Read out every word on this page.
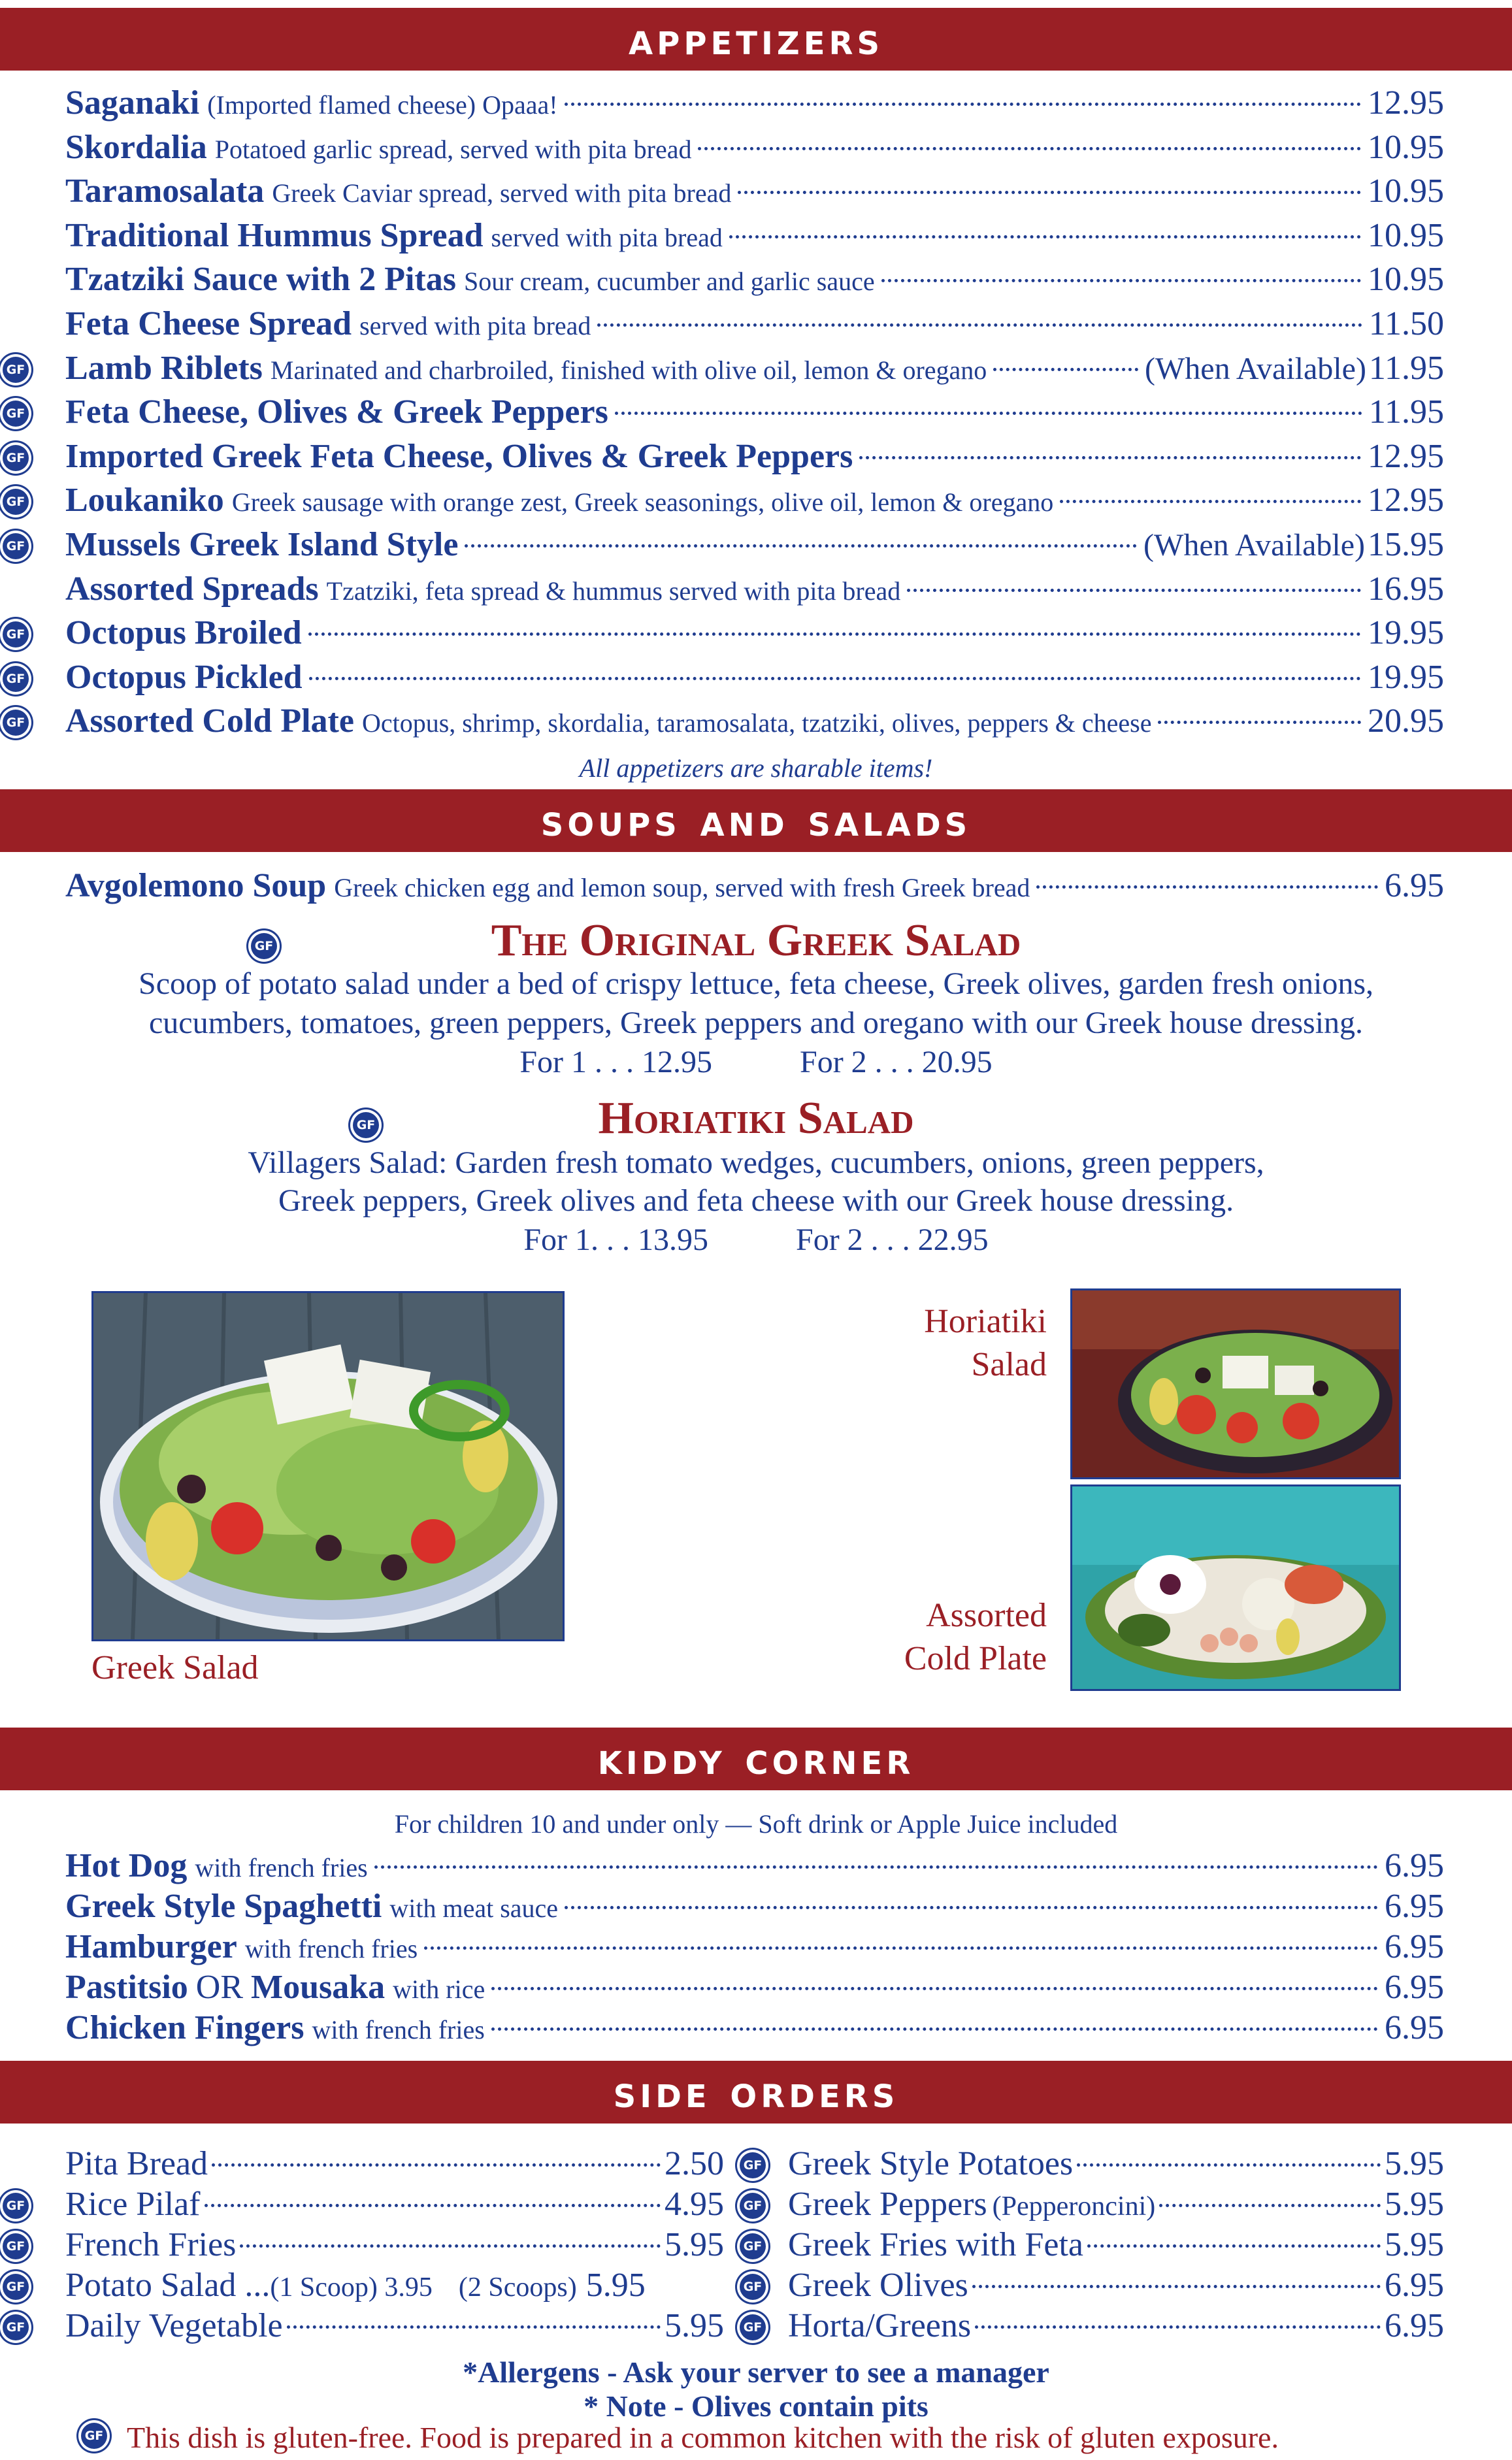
appetizers
Saganaki (Imported flamed cheese) Opaaa!	12.95
Skordalia Potatoed garlic spread, served with pita bread	10.95
Taramosalata Greek Caviar spread, served with pita bread	10.95
Traditional Hummus Spread served with pita bread	10.95
Tzatziki Sauce with 2 Pitas Sour cream, cucumber and garlic sauce	10.95
Feta Cheese Spread served with pita bread	11.50
GF Lamb Riblets Marinated and charbroiled, finished with olive oil, lemon & oregano	(When Available) 11.95
GF Feta Cheese, Olives & Greek Peppers	11.95
GF Imported Greek Feta Cheese, Olives & Greek Peppers	12.95
GF Loukaniko Greek sausage with orange zest, Greek seasonings, olive oil, lemon & oregano	12.95
GF Mussels Greek Island Style	(When Available) 15.95
Assorted Spreads Tzatziki, feta spread & hummus served with pita bread	16.95
GF Octopus Broiled	19.95
GF Octopus Pickled	19.95
GF Assorted Cold Plate Octopus, shrimp, skordalia, taramosalata, tzatziki, olives, peppers & cheese	20.95
All appetizers are sharable items!
soups and salads
Avgolemono Soup Greek chicken egg and lemon soup, served with fresh Greek bread	6.95
GF	The Original Greek Salad
Scoop of potato salad under a bed of crispy lettuce, feta cheese, Greek olives, garden fresh onions,
cucumbers, tomatoes, green peppers, Greek peppers and oregano with our Greek house dressing.
For 1 . . . 12.95	For 2 . . . 20.95
GF	Horiatiki Salad
Villagers Salad: Garden fresh tomato wedges, cucumbers, onions, green peppers,
Greek peppers, Greek olives and feta cheese with our Greek house dressing.
For 1. . . 13.95	For 2 . . . 22.95
Greek Salad
Horiatiki
Salad
Assorted
Cold Plate
kiddy corner
For children 10 and under only — Soft drink or Apple Juice included
Hot Dog with french fries	6.95
Greek Style Spaghetti with meat sauce	6.95
Hamburger with french fries	6.95
Pastitsio OR Mousaka with rice	6.95
Chicken Fingers with french fries	6.95
side orders
Pita Bread	2.50
GF Rice Pilaf	4.95
GF French Fries	5.95
GF Potato Salad ... (1 Scoop) 3.95 (2 Scoops) 5.95
GF Daily Vegetable	5.95
GF Greek Style Potatoes	5.95
GF Greek Peppers (Pepperoncini)	5.95
GF Greek Fries with Feta	5.95
GF Greek Olives	6.95
GF Horta/Greens	6.95
*Allergens - Ask your server to see a manager
* Note - Olives contain pits
GF This dish is gluten-free. Food is prepared in a common kitchen with the risk of gluten exposure.
